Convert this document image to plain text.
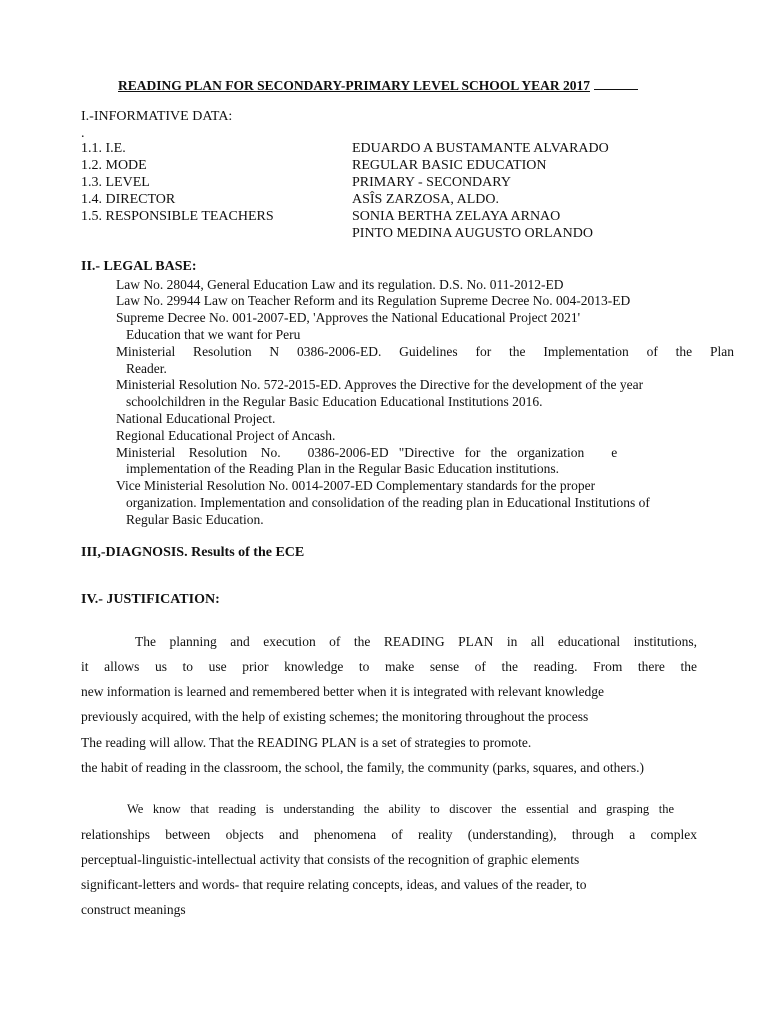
READING PLAN FOR SECONDARY-PRIMARY LEVEL SCHOOL YEAR 2017
I.-INFORMATIVE DATA:
.
1.1. I.E.	EDUARDO A BUSTAMANTE ALVARADO
1.2. MODE	REGULAR BASIC EDUCATION
1.3. LEVEL	PRIMARY - SECONDARY
1.4. DIRECTOR	ASÎS ZARZOSA, ALDO.
1.5. RESPONSIBLE TEACHERS	SONIA BERTHA ZELAYA ARNAO
PINTO MEDINA AUGUSTO ORLANDO
II.- LEGAL BASE:
Law No. 28044, General Education Law and its regulation. D.S. No. 011-2012-ED
Law No. 29944 Law on Teacher Reform and its Regulation Supreme Decree No. 004-2013-ED
Supreme Decree No. 001-2007-ED, 'Approves the National Educational Project 2021'
Education that we want for Peru
Ministerial Resolution N 0386-2006-ED. Guidelines for the Implementation of the Plan
Reader.
Ministerial Resolution No. 572-2015-ED. Approves the Directive for the development of the year
schoolchildren in the Regular Basic Education Educational Institutions 2016.
National Educational Project.
Regional Educational Project of Ancash.
Ministerial    Resolution    No.        0386-2006-ED   "Directive   for   the   organization        e
implementation of the Reading Plan in the Regular Basic Education institutions.
Vice Ministerial Resolution No. 0014-2007-ED Complementary standards for the proper
organization. Implementation and consolidation of the reading plan in Educational Institutions of
Regular Basic Education.
III,-DIAGNOSIS. Results of the ECE
IV.- JUSTIFICATION:
The planning and execution of the READING PLAN in all educational institutions,
it allows us to use prior knowledge to make sense of the reading. From there the
new information is learned and remembered better when it is integrated with relevant knowledge
previously acquired, with the help of existing schemes; the monitoring throughout the process
The reading will allow. That the READING PLAN is a set of strategies to promote.
the habit of reading in the classroom, the school, the family, the community (parks, squares, and others.)
We know that reading is understanding the ability to discover the essential and grasping the
relationships between objects and phenomena of reality (understanding), through a complex
perceptual-linguistic-intellectual activity that consists of the recognition of graphic elements
significant-letters and words- that require relating concepts, ideas, and values of the reader, to
construct meanings
